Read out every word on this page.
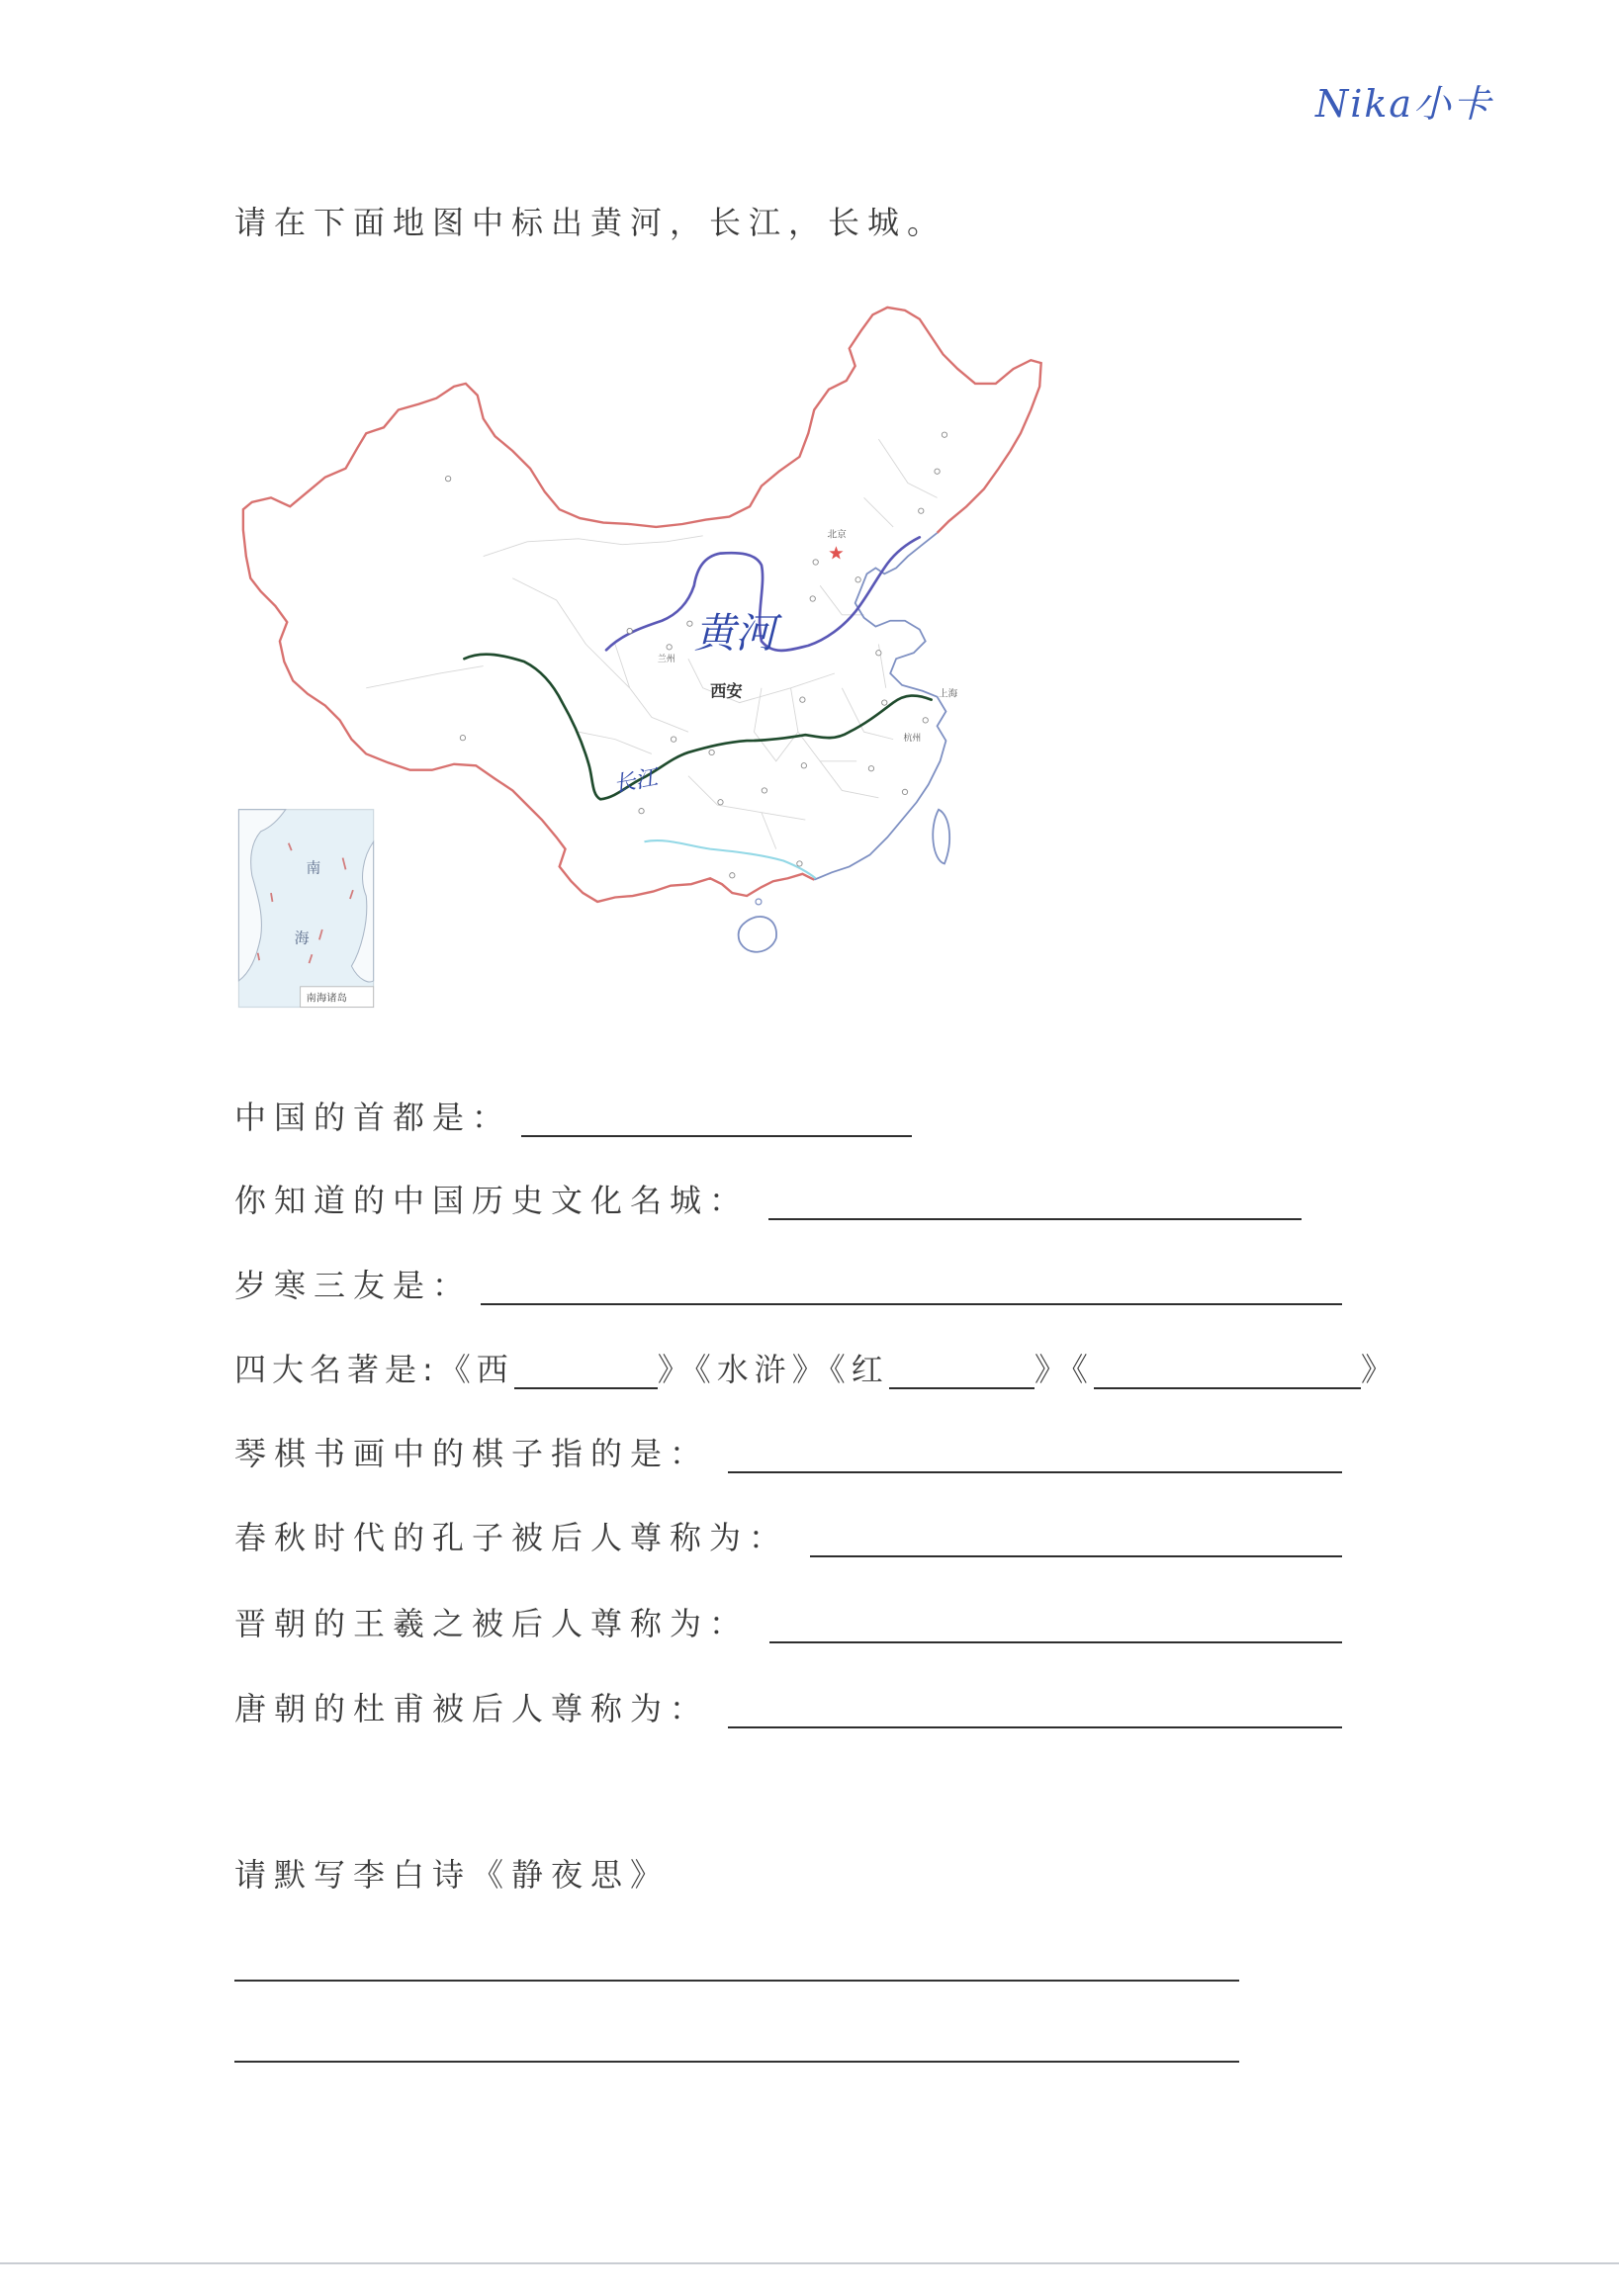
Nika小卡
请在下面地图中标出黄河，长江，长城。
北京
兰州
西安	上海
杭州
黄河
长江
南
海
南海诸岛
中国的首都是：
你知道的中国历史文化名城：
岁寒三友是：
四大名著是:《西	》《水浒》《红	》《	》
琴棋书画中的棋子指的是：
春秋时代的孔子被后人尊称为：
晋朝的王羲之被后人尊称为：
唐朝的杜甫被后人尊称为：
请默写李白诗《静夜思》
